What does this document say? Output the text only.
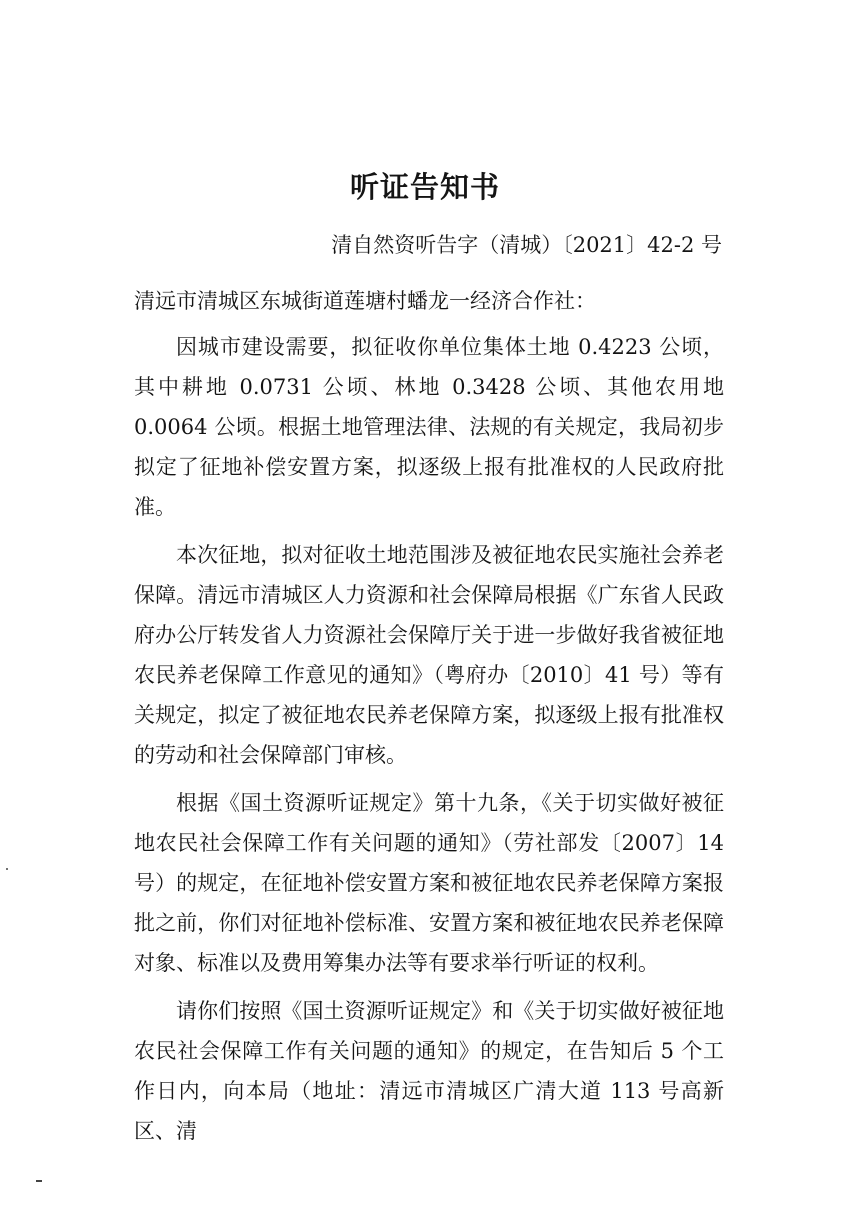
听证告知书
清自然资听告字（清城）〔2021〕42-2 号

清远市清城区东城街道莲塘村蟠龙一经济合作社：

因城市建设需要，拟征收你单位集体土地 0.4223 公顷，其中耕地 0.0731 公顷、林地 0.3428 公顷、其他农用地 0.0064 公顷。根据土地管理法律、法规的有关规定，我局初步拟定了征地补偿安置方案，拟逐级上报有批准权的人民政府批准。

本次征地，拟对征收土地范围涉及被征地农民实施社会养老保障。清远市清城区人力资源和社会保障局根据《广东省人民政府办公厅转发省人力资源社会保障厅关于进一步做好我省被征地农民养老保障工作意见的通知》（粤府办〔2010〕41 号）等有关规定，拟定了被征地农民养老保障方案，拟逐级上报有批准权的劳动和社会保障部门审核。

根据《国土资源听证规定》第十九条，《关于切实做好被征地农民社会保障工作有关问题的通知》（劳社部发〔2007〕14 号）的规定，在征地补偿安置方案和被征地农民养老保障方案报批之前，你们对征地补偿标准、安置方案和被征地农民养老保障对象、标准以及费用筹集办法等有要求举行听证的权利。

请你们按照《国土资源听证规定》和《关于切实做好被征地农民社会保障工作有关问题的通知》的规定，在告知后 5 个工作日内，向本局（地址：清远市清城区广清大道 113 号高新区、清
